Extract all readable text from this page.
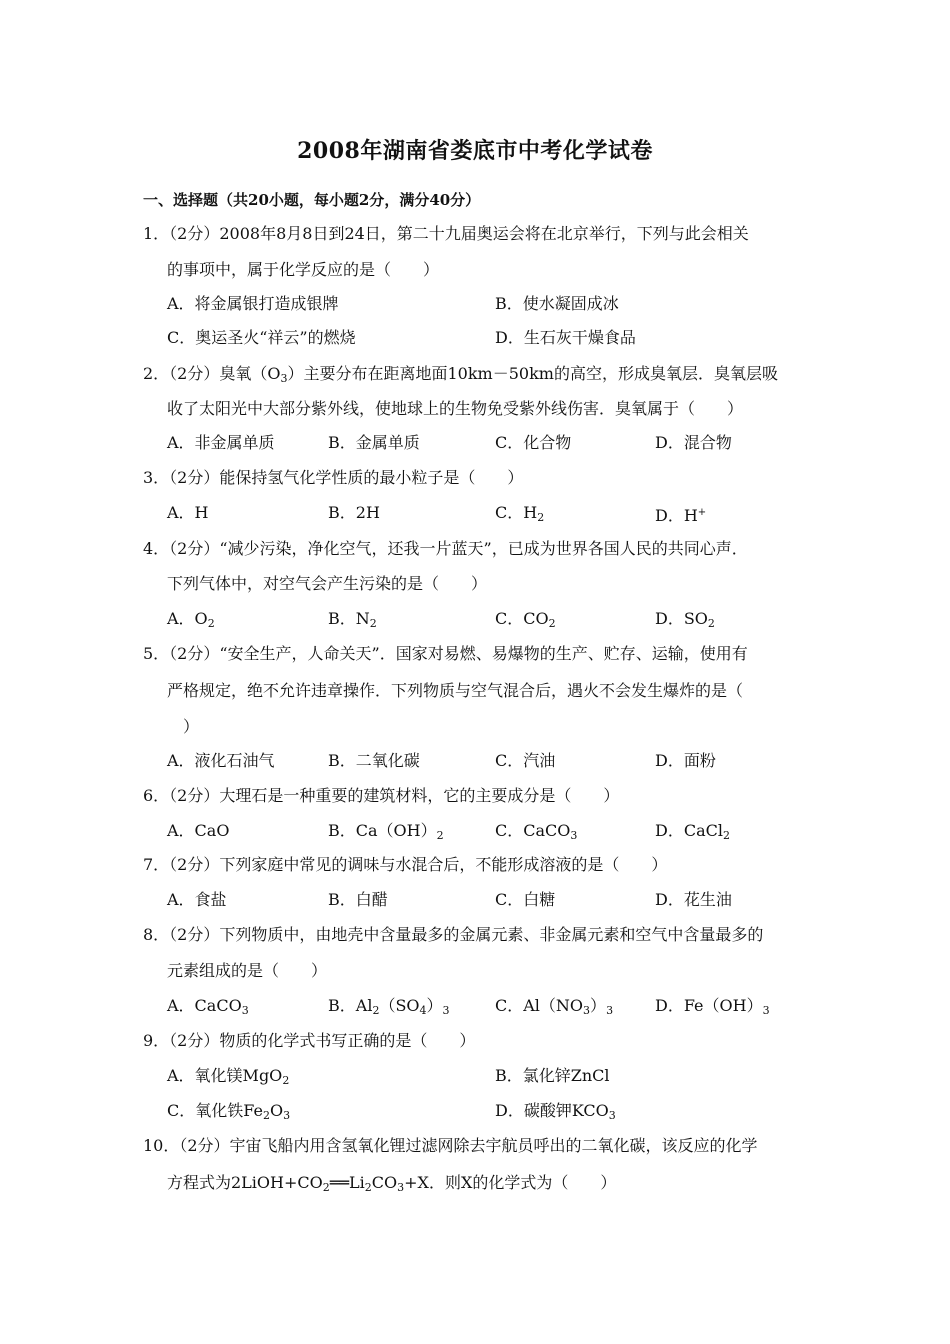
2008年湖南省娄底市中考化学试卷
一、选择题（共20小题，每小题2分，满分40分）
1．（2分）2008年8月8日到24日，第二十九届奥运会将在北京举行，下列与此会相关
的事项中，属于化学反应的是（　　）
A．将金属银打造成银牌	B．使水凝固成冰
C．奥运圣火“祥云”的燃烧	D．生石灰干燥食品
2．（2分）臭氧（O3）主要分布在距离地面10km－50km的高空，形成臭氧层．臭氧层吸
收了太阳光中大部分紫外线，使地球上的生物免受紫外线伤害．臭氧属于（　　）
A．非金属单质	B．金属单质	C．化合物	D．混合物
3．（2分）能保持氢气化学性质的最小粒子是（　　）
A．H	B．2H	C．H2	D．H+
4．（2分）“减少污染，净化空气，还我一片蓝天”，已成为世界各国人民的共同心声．
下列气体中，对空气会产生污染的是（　　）
A．O2	B．N2	C．CO2	D．SO2
5．（2分）“安全生产，人命关天”．国家对易燃、易爆物的生产、贮存、运输，使用有
严格规定，绝不允许违章操作．下列物质与空气混合后，遇火不会发生爆炸的是（
）
A．液化石油气	B．二氧化碳	C．汽油	D．面粉
6．（2分）大理石是一种重要的建筑材料，它的主要成分是（　　）
A．CaO	B．Ca（OH）2	C．CaCO3	D．CaCl2
7．（2分）下列家庭中常见的调味与水混合后，不能形成溶液的是（　　）
A．食盐	B．白醋	C．白糖	D．花生油
8．（2分）下列物质中，由地壳中含量最多的金属元素、非金属元素和空气中含量最多的
元素组成的是（　　）
A．CaCO3	B．Al2（SO4）3	C．Al（NO3）3	D．Fe（OH）3
9．（2分）物质的化学式书写正确的是（　　）
A．氧化镁MgO2	B．氯化锌ZnCl
C．氧化铁Fe2O3	D．碳酸钾KCO3
10．（2分）宇宙飞船内用含氢氧化锂过滤网除去宇航员呼出的二氧化碳，该反应的化学
方程式为2LiOH+CO2══Li2CO3+X．则X的化学式为（　　）
